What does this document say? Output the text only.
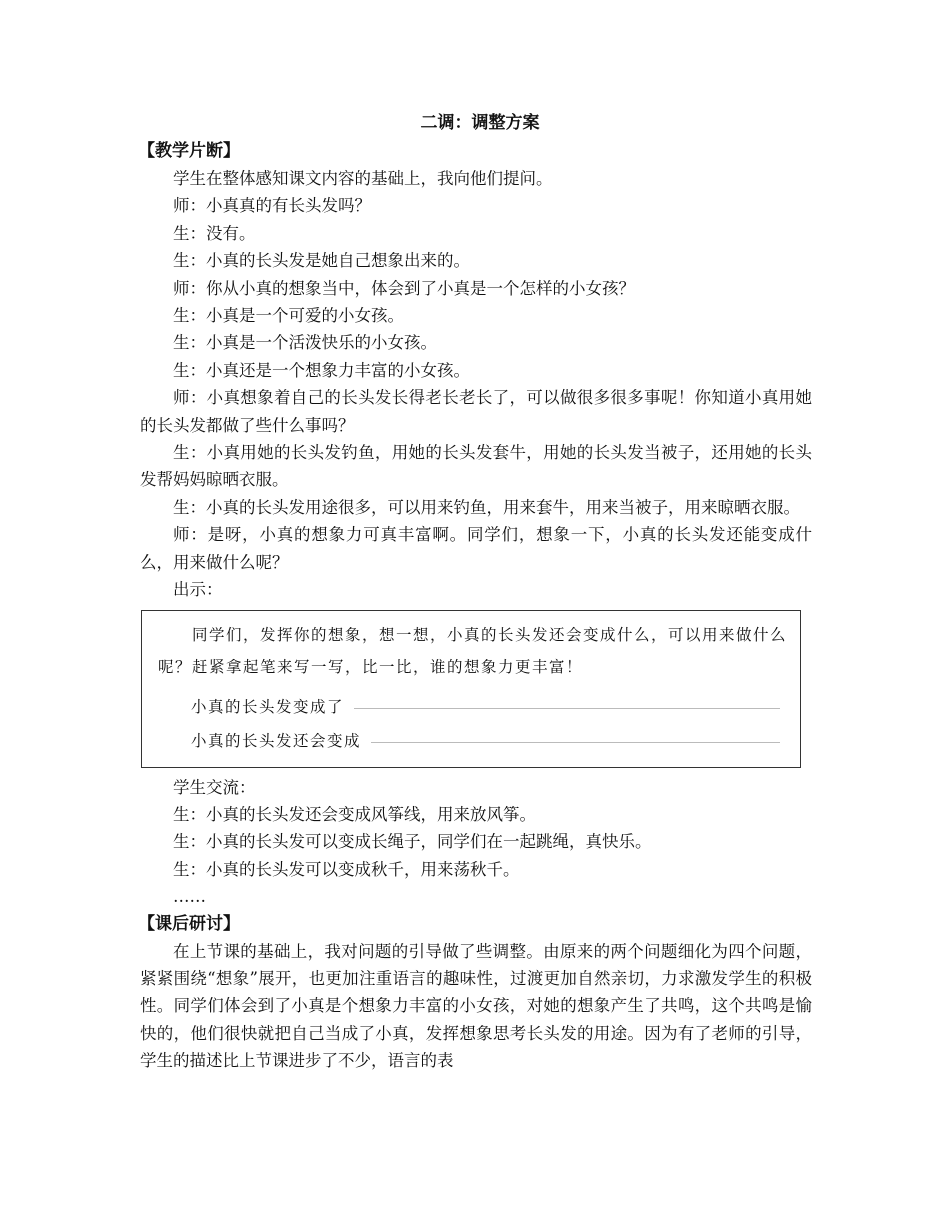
二调：调整方案
【教学片断】
学生在整体感知课文内容的基础上，我向他们提问。
师：小真真的有长头发吗？
生：没有。
生：小真的长头发是她自己想象出来的。
师：你从小真的想象当中，体会到了小真是一个怎样的小女孩？
生：小真是一个可爱的小女孩。
生：小真是一个活泼快乐的小女孩。
生：小真还是一个想象力丰富的小女孩。
师：小真想象着自己的长头发长得老长老长了，可以做很多很多事呢！你知道小真用她的长头发都做了些什么事吗？
生：小真用她的长头发钓鱼，用她的长头发套牛，用她的长头发当被子，还用她的长头发帮妈妈晾晒衣服。
生：小真的长头发用途很多，可以用来钓鱼，用来套牛，用来当被子，用来晾晒衣服。
师：是呀，小真的想象力可真丰富啊。同学们，想象一下，小真的长头发还能变成什么，用来做什么呢？
出示：
同学们，发挥你的想象，想一想，小真的长头发还会变成什么，可以用来做什么呢？赶紧拿起笔来写一写，比一比，谁的想象力更丰富！
小真的长头发变成了
小真的长头发还会变成
学生交流：
生：小真的长头发还会变成风筝线，用来放风筝。
生：小真的长头发可以变成长绳子，同学们在一起跳绳，真快乐。
生：小真的长头发可以变成秋千，用来荡秋千。
……
【课后研讨】
在上节课的基础上，我对问题的引导做了些调整。由原来的两个问题细化为四个问题，紧紧围绕“想象”展开，也更加注重语言的趣味性，过渡更加自然亲切，力求激发学生的积极性。同学们体会到了小真是个想象力丰富的小女孩，对她的想象产生了共鸣，这个共鸣是愉快的，他们很快就把自己当成了小真，发挥想象思考长头发的用途。因为有了老师的引导，学生的描述比上节课进步了不少，语言的表
